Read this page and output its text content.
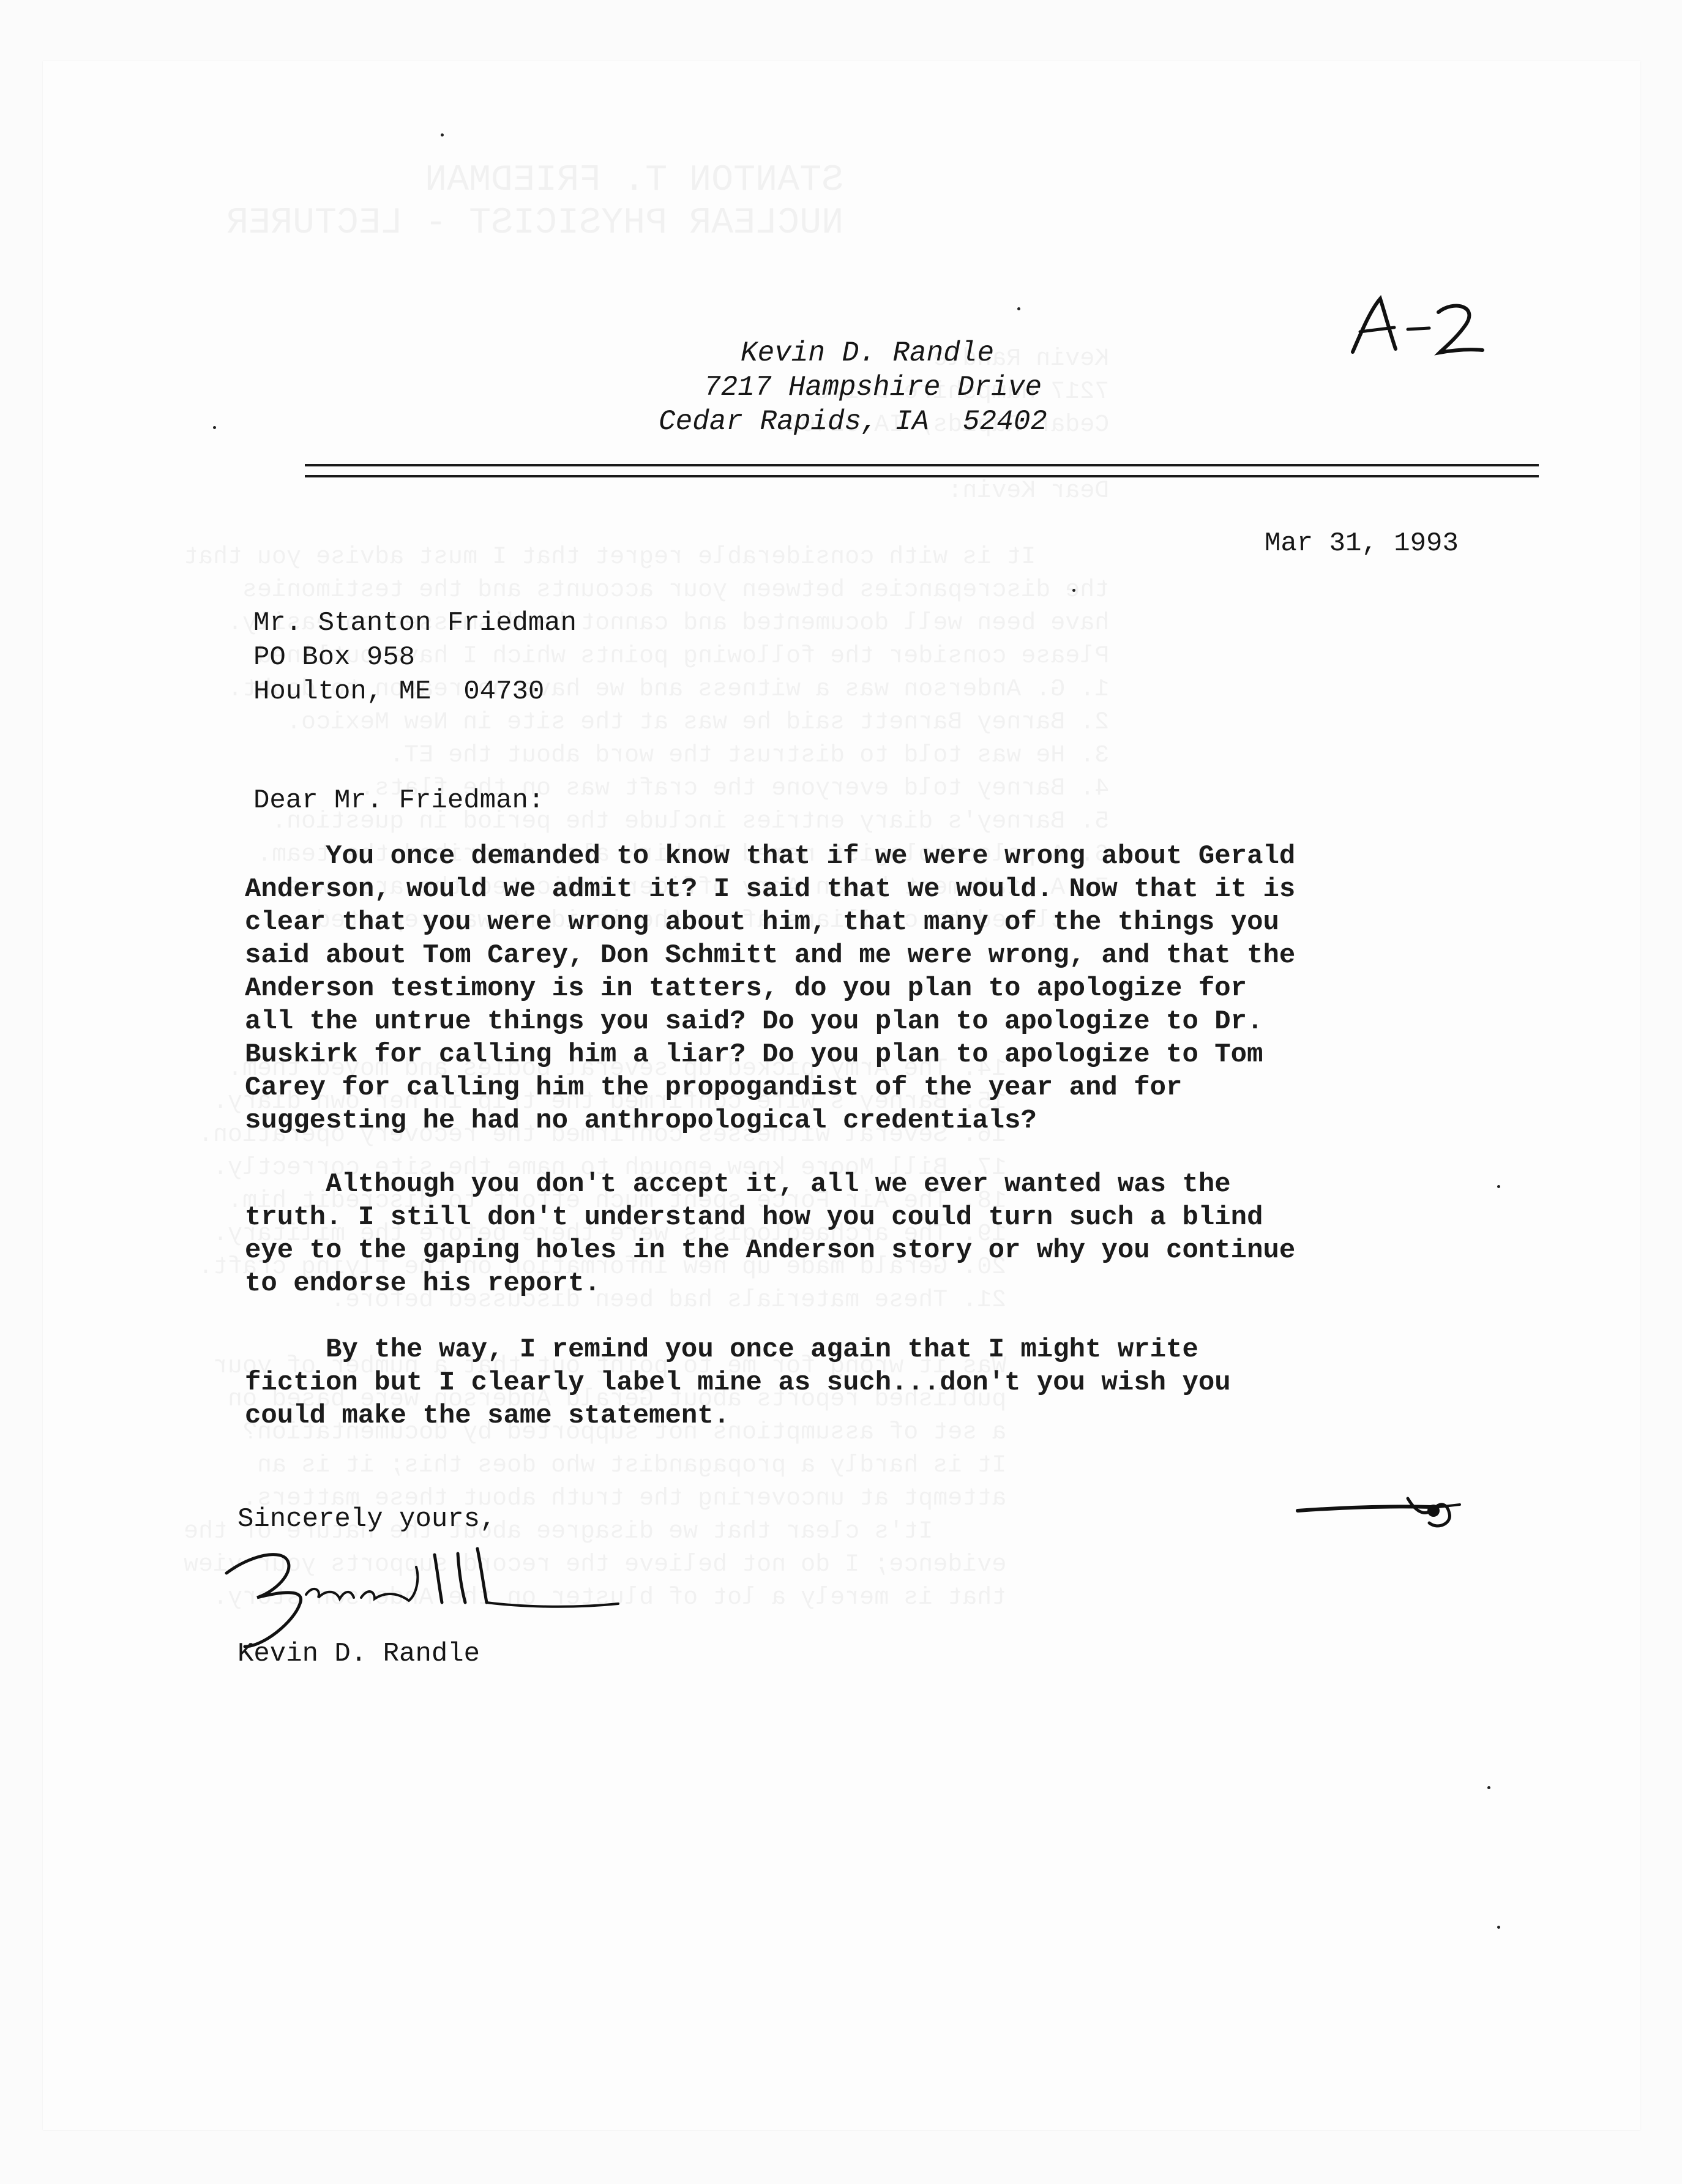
Kevin D. Randle
7217 Hampshire Drive
Cedar Rapids, IA  52402
Mar 31, 1993
Mr. Stanton Friedman
PO Box 958
Houlton, ME  04730
Dear Mr. Friedman:

You once demanded to know that if we were wrong about Gerald

Anderson, would we admit it? I said that we would. Now that it is

clear that you were wrong about him, that many of the things you

said about Tom Carey, Don Schmitt and me were wrong, and that the

Anderson testimony is in tatters, do you plan to apologize for

all the untrue things you said? Do you plan to apologize to Dr.

Buskirk for calling him a liar? Do you plan to apologize to Tom

Carey for calling him the propogandist of the year and for

suggesting he had no anthropological credentials?

Although you don't accept it, all we ever wanted was the

truth. I still don't understand how you could turn such a blind

eye to the gaping holes in the Anderson story or why you continue

to endorse his report.

By the way, I remind you once again that I might write

fiction but I clearly label mine as such...don't you wish you

could make the same statement.

Sincerely yours,
Kevin D. Randle
